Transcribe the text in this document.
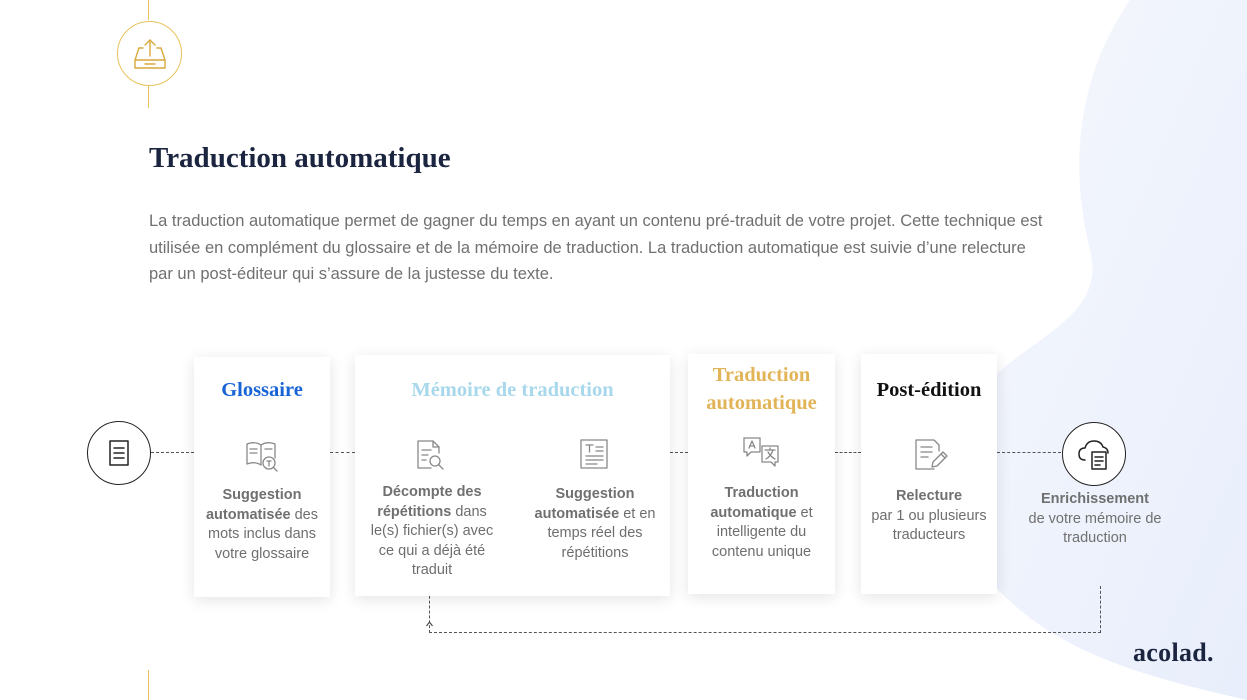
Traduction automatique

La traduction automatique permet de gagner du temps en ayant un contenu pré-traduit de votre projet. Cette technique est utilisée en complément du glossaire et de la mémoire de traduction. La traduction automatique est suivie d’une relecture par un post-éditeur qui s’assure de la justesse du texte.

Glossaire
Suggestion automatisée des mots inclus dans votre glossaire
Mémoire de traduction
Décompte des répétitions dans le(s) fichier(s) avec ce qui a déjà été traduit
Suggestion automatisée et en temps réel des répétitions
Traduction automatique
Traduction automatique et intelligente du contenu unique
Post-édition
Relecture
par 1 ou plusieurs traducteurs
Enrichissement
de votre mémoire de traduction
acolad.
